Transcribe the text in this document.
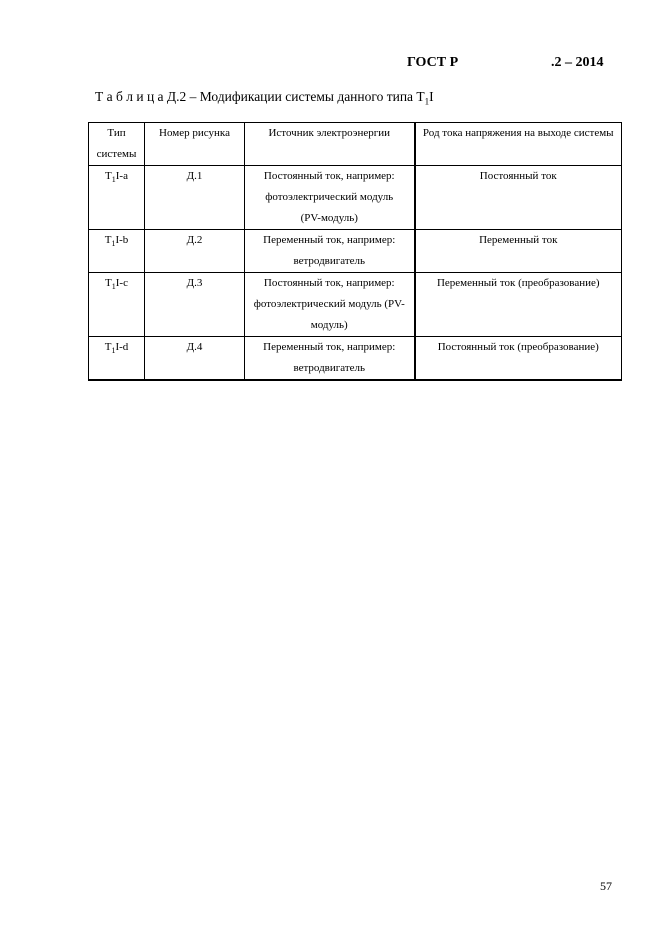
ГОСТ Р	.2 – 2014
Т а б л и ц а Д.2 – Модификации системы данного типа $Т_1I$
Тип системы	Номер рисунка	Источник электроэнергии	Род тока напряжения на выходе системы
$T_1I-a$	Д.1	Постоянный ток, например: фотоэлектрический модуль (PV-модуль)	Постоянный ток
$T_1I-b$	Д.2	Переменный ток, например: ветродвигатель	Переменный ток
$T_1I-c$	Д.3	Постоянный ток, например: фотоэлектрический модуль (PV-модуль)	Переменный ток (преобразование)
$T_1I-d$	Д.4	Переменный ток, например: ветродвигатель	Постоянный ток (преобразование)
57
